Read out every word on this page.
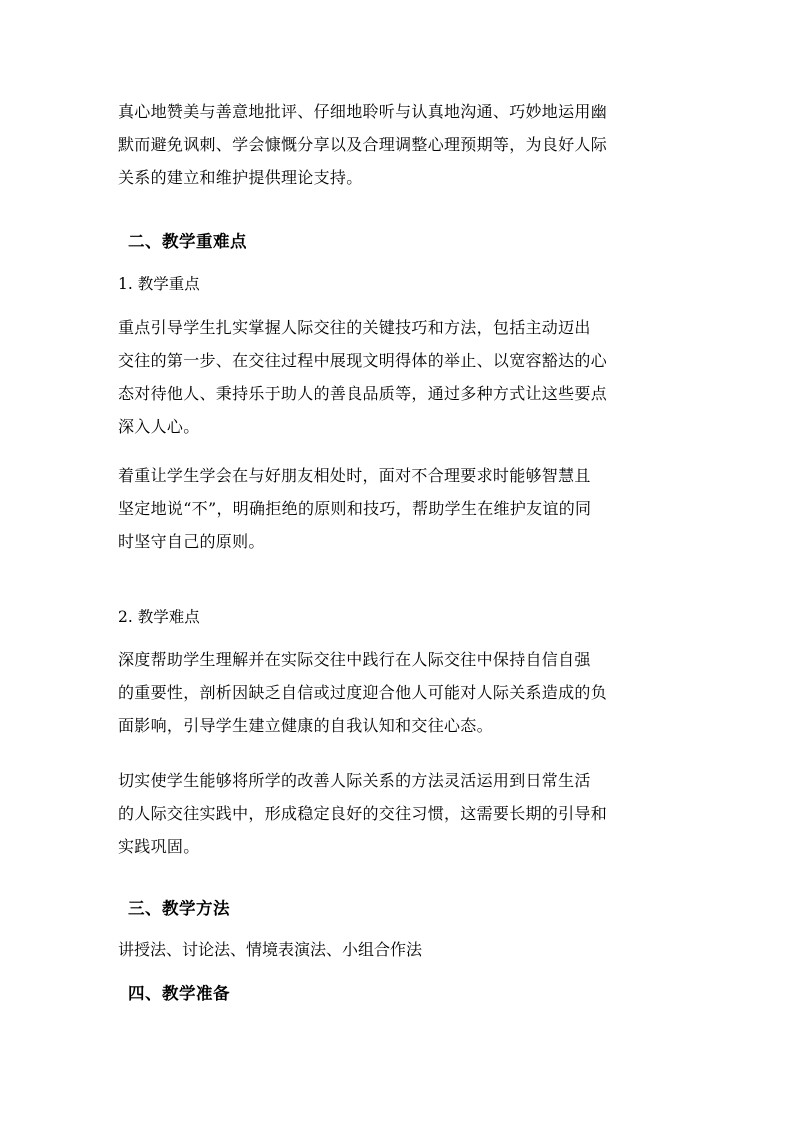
真心地赞美与善意地批评、仔细地聆听与认真地沟通、巧妙地运用幽
默而避免讽刺、学会慷慨分享以及合理调整心理预期等，为良好人际
关系的建立和维护提供理论支持。
二、教学重难点
1. 教学重点
重点引导学生扎实掌握人际交往的关键技巧和方法，包括主动迈出
交往的第一步、在交往过程中展现文明得体的举止、以宽容豁达的心
态对待他人、秉持乐于助人的善良品质等，通过多种方式让这些要点
深入人心。
着重让学生学会在与好朋友相处时，面对不合理要求时能够智慧且
坚定地说“不”，明确拒绝的原则和技巧，帮助学生在维护友谊的同
时坚守自己的原则。
2. 教学难点
深度帮助学生理解并在实际交往中践行在人际交往中保持自信自强
的重要性，剖析因缺乏自信或过度迎合他人可能对人际关系造成的负
面影响，引导学生建立健康的自我认知和交往心态。
切实使学生能够将所学的改善人际关系的方法灵活运用到日常生活
的人际交往实践中，形成稳定良好的交往习惯，这需要长期的引导和
实践巩固。
三、教学方法
讲授法、讨论法、情境表演法、小组合作法
四、教学准备
